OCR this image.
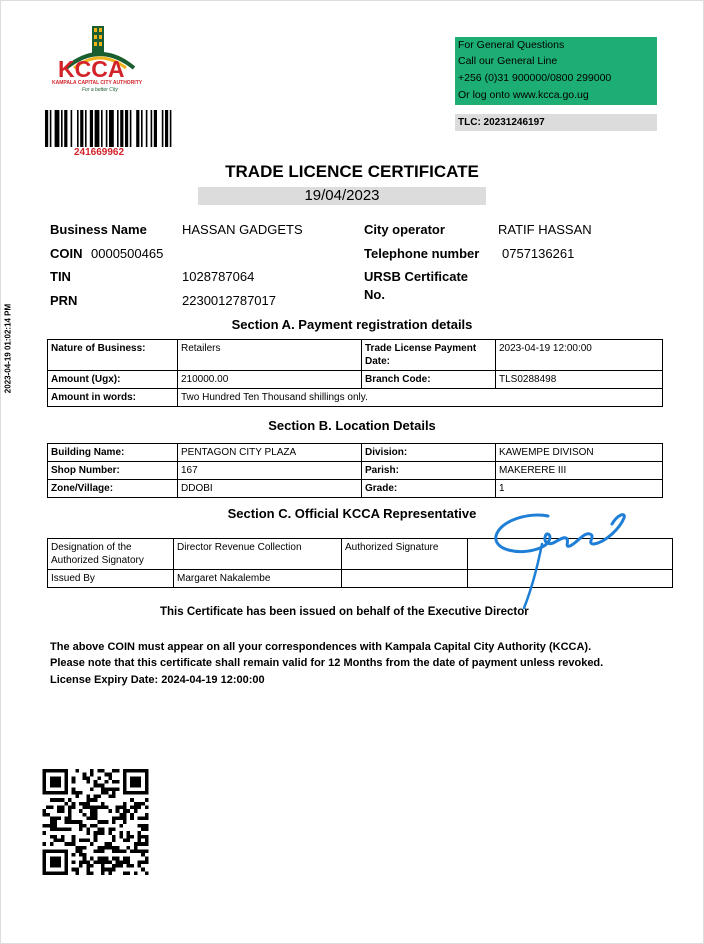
2023-04-19 01:02:14 PM
KCCA
KAMPALA CAPITAL CITY AUTHORITY
For a better City
For General Questions
Call our General Line
+256 (0)31 900000/0800 299000
Or log onto www.kcca.go.ug
TLC: 20231246197
241669962
TRADE LICENCE CERTIFICATE
19/04/2023
Business Name	HASSAN GADGETS
COIN 0000500465
TIN	1028787064
PRN	2230012787017
City operator	RATIF HASSAN
Telephone number 0757136261
URSB Certificate
No.
Section A. Payment registration details
Nature of Business:	Retailers	Trade License Payment
Date:	2023-04-19 12:00:00
Amount (Ugx):	210000.00	Branch Code:	TLS0288498
Amount in words:	Two Hundred Ten Thousand shillings only.		
Section B. Location Details
Building Name:	PENTAGON CITY PLAZA	Division:	KAWEMPE DIVISON
Shop Number:	167	Parish:	MAKERERE III
Zone/Village:	DDOBI	Grade:	1
Section C. Official KCCA Representative
Designation of the
Authorized Signatory	Director Revenue Collection	Authorized Signature	
Issued By	Margaret Nakalembe		
This Certificate has been issued on behalf of the Executive Director
The above COIN must appear on all your correspondences with Kampala Capital City Authority (KCCA).
Please note that this certificate shall remain valid for 12 Months from the date of payment unless revoked.
License Expiry Date: 2024-04-19 12:00:00
